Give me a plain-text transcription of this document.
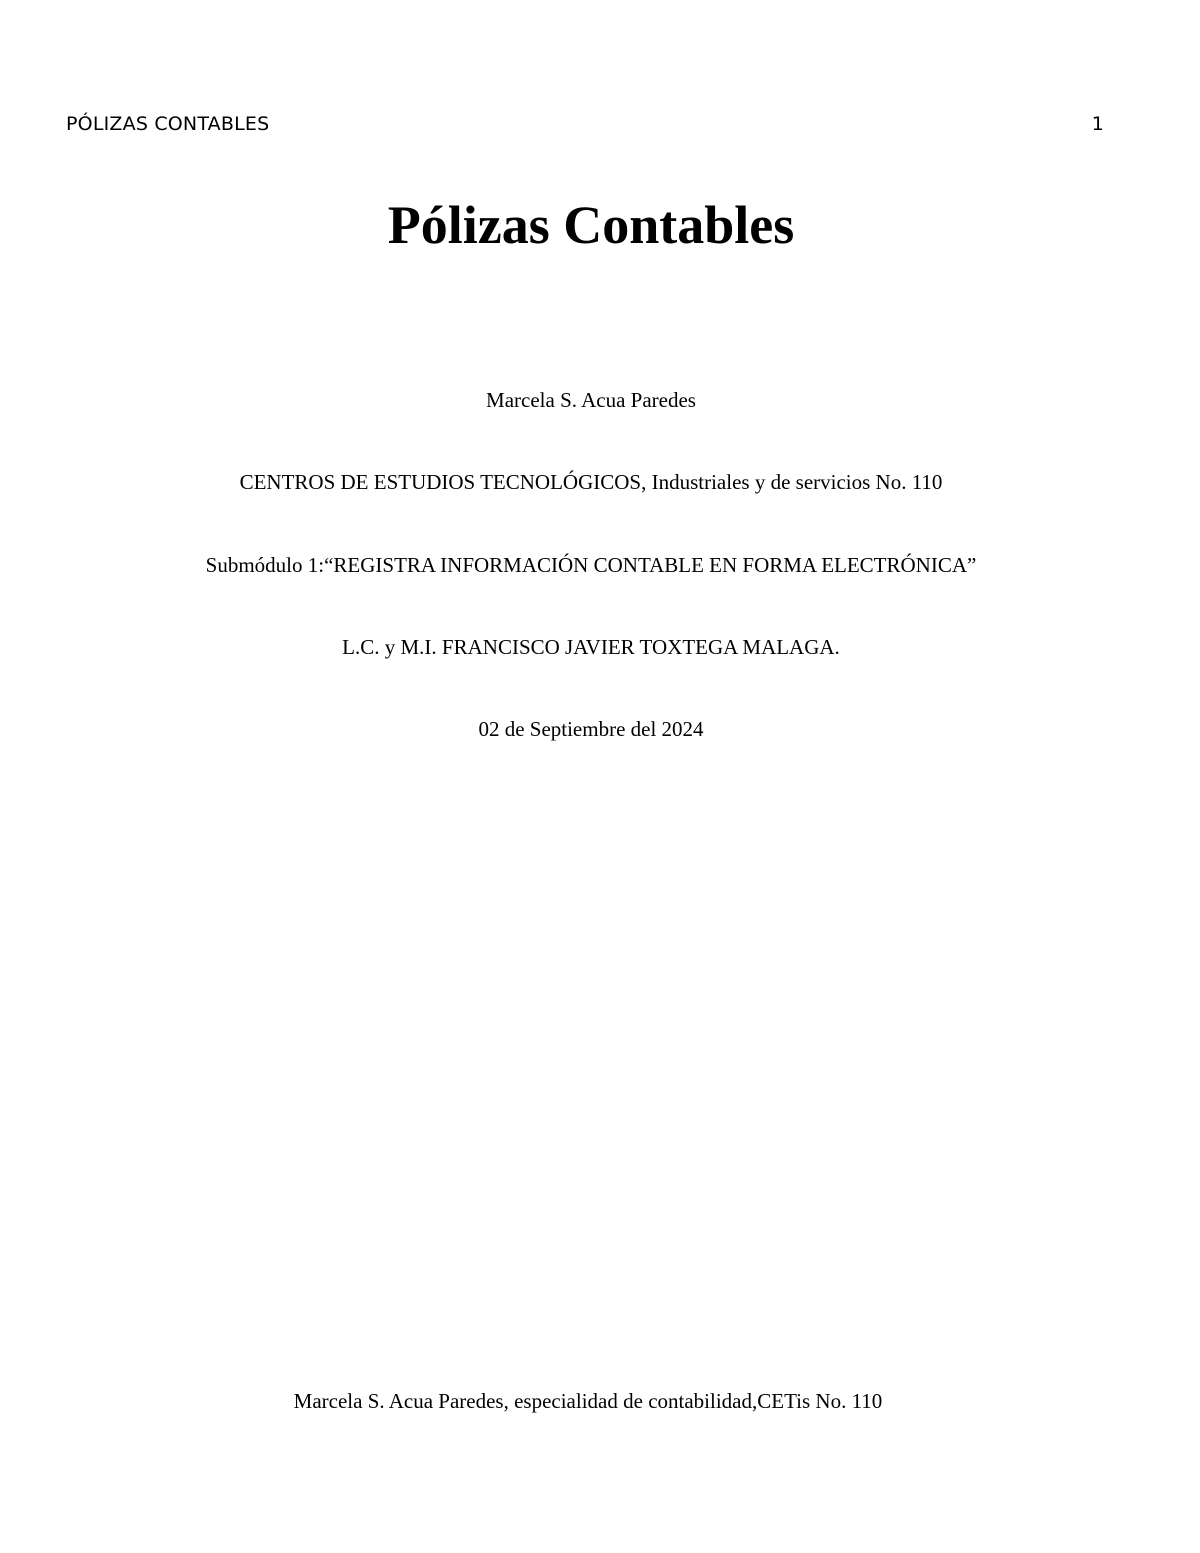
PÓLIZAS CONTABLES	1
Pólizas Contables
Marcela S. Acua Paredes
CENTROS DE ESTUDIOS TECNOLÓGICOS, Industriales y de servicios No. 110
Submódulo 1:“REGISTRA INFORMACIÓN CONTABLE EN FORMA ELECTRÓNICA”
L.C. y M.I. FRANCISCO JAVIER TOXTEGA MALAGA.
02 de Septiembre del 2024
Marcela S. Acua Paredes, especialidad de contabilidad,CETis No. 110
